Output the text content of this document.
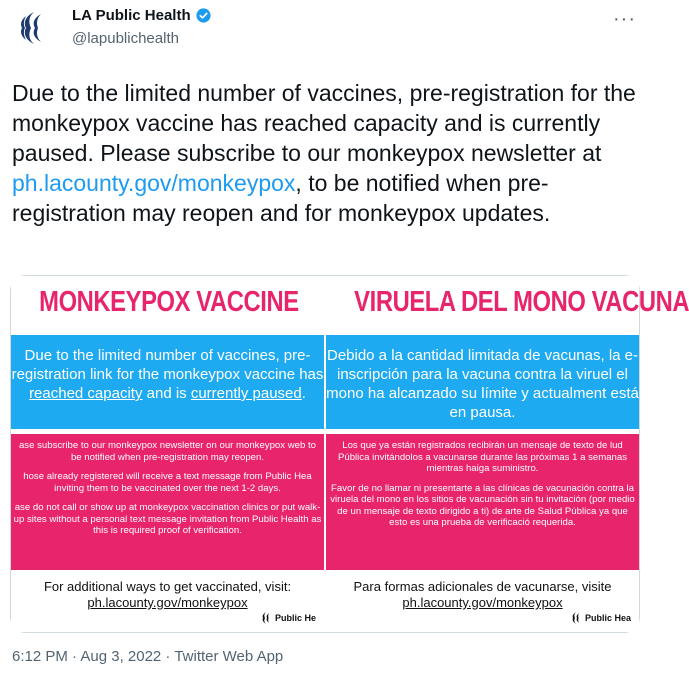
LA Public Health
@lapublichealth
···
Due to the limited number of vaccines, pre-registration for the monkeypox vaccine has reached capacity and is currently paused. Please subscribe to our monkeypox newsletter at ph.lacounty.gov/monkeypox, to be notified when pre-registration may reopen and for monkeypox updates.
MONKEYPOX VACCINE
Due to the limited number of vaccines, pre-registration link for the monkeypox vaccine has reached capacity and is currently paused.

ase subscribe to our monkeypox newsletter on our monkeypox web to be notified when pre-registration may reopen.

hose already registered will receive a text message from Public Hea inviting them to be vaccinated over the next 1-2 days.

ase do not call or show up at monkeypox vaccination clinics or put walk-up sites without a personal text message invitation from Public Health as this is required proof of verification.

For additional ways to get vaccinated, visit:
ph.lacounty.gov/monkeypox
Public He
VIRUELA DEL MONO VACUNA
Debido a la cantidad limitada de vacunas, la e- inscripción para la vacuna contra la viruel el mono ha alcanzado su límite y actualment está en pausa.

Los que ya están registrados recibirán un mensaje de texto de lud Pública invitándolos a vacunarse durante las próximas 1 a semanas mientras haiga suministro.

Favor de no llamar ni presentarte a las clínicas de vacunación contra la viruela del mono en los sitios de vacunación sin tu invitación (por medio de un mensaje de texto dirigido a ti) de arte de Salud Pública ya que esto es una prueba de verificació requerida.

Para formas adicionales de vacunarse, visite
ph.lacounty.gov/monkeypox
Public Hea
6:12 PM · Aug 3, 2022 · Twitter Web App
